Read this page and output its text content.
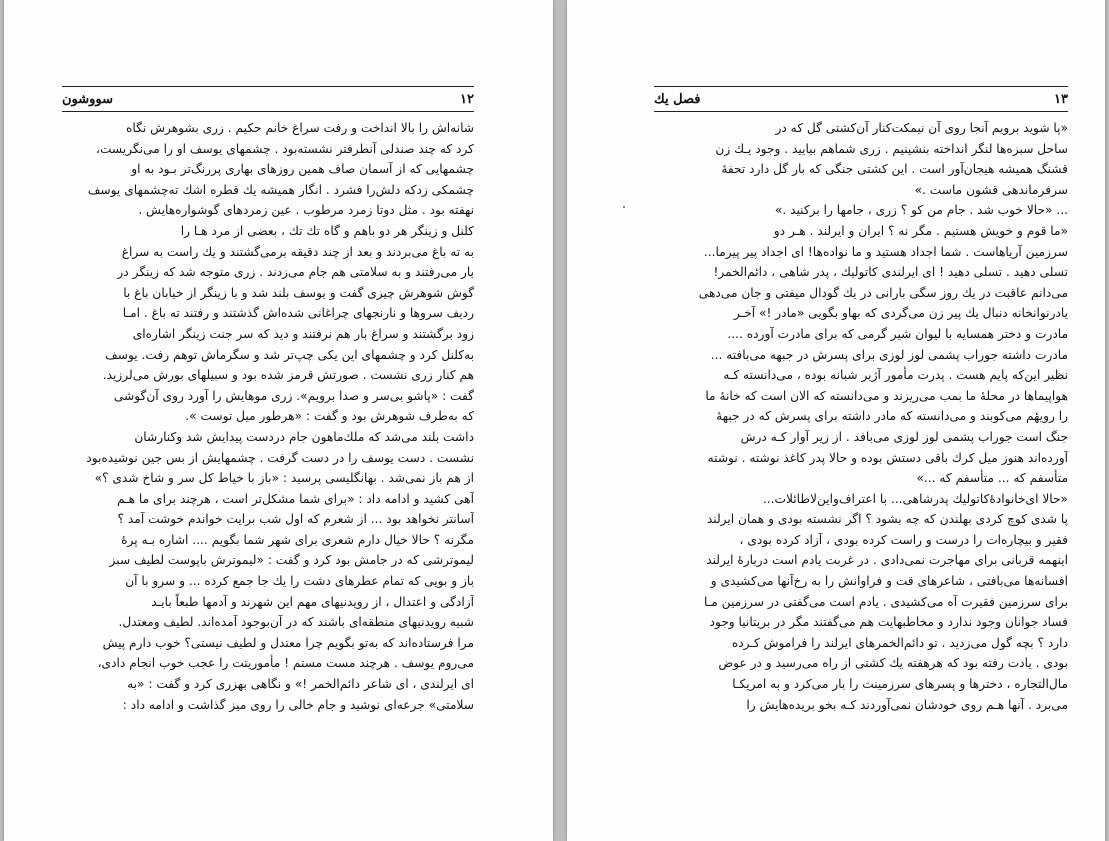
سووشون	۱۲
شانه‌اش را بالا انداخت و رفت سراغ خانم حکیم . زری بشوهرش نگاه
کرد که چند صندلی آنطرفتر نشسته‌بود . چشمهای یوسف او را می‌نگریست،
چشمهایی که از آسمان صاف همین روزهای بهاری پررنگ‌تر بـود به او
چشمکی زدکه دلش‌را فشرد . انگار همیشه یك قطره اشك ته‌چشمهای یوسف
نهفته بود . مثل دوتا زمرد مرطوب . عین زمردهای گوشواره‌هایش .
کلنل و زینگر هر دو باهم و گاه تك تك ، بعضی از مرد هـا را
به ته باغ می‌بردند و بعد از چند دقیقه برمی‌گشتند و یك راست به سراغ
بار می‌رفتند و به سلامتی هم جام می‌زدند . زری متوجه شد که زینگر در
گوش شوهرش چیزی گفت و یوسف بلند شد و با زینگر از خیابان باغ با
ردیف سروها و نارنجهای چراغانی شده‌اش گذشتند و رفتند ته باغ . امـا
زود برگشتند و سراغ بار هم نرفتند و دید که سر جنت زینگر اشاره‌ای
به‌کلنل کرد و چشمهای این یکی چپ‌تر شد و سگرماش توهم رفت. یوسف
هم کنار زری نشست . صورتش قرمز شده بود و سبیلهای بورش می‌لرزید.
گفت : «پاشو بی‌سر و صدا برویم». زری موهایش را آورد روی آن‌گوشی
که به‌طرف شوهرش بود و گفت : «هرطور میل توست ».
داشت بلند می‌شد که ملك‌ماهون جام دردست پیدایش شد وکنارشان
نشست . دست یوسف را در دست گرفت . چشمهایش از بس جین نوشیده‌بود
از هم باز نمی‌شد . بهانگلیسی پرسید : «باز با خیاط کل سر و شاخ شدی ؟»
آهی کشید و ادامه داد : «برای شما مشکل‌تر است ، هرچند برای ما هـم
آسانتر نخواهد بود ... از شعرم که اول شب برایت خواندم خوشت آمد ؟
مگرنه ؟ حالا خیال دارم شعری برای شهر شما بگویم .... اشاره بـه پرهٔ
لیموترشی که در جامش بود کرد و گفت : «لیموترش باپوست لطیف سبز
باز و بویی که تمام عطرهای دشت را یك جا جمع کرده ... و سرو با آن
آزادگی و اعتدال ، از رویدنیهای مهم این شهرند و آدمها طبعاً بایـد
شبیه رویدنیهای منطقه‌ای باشند که در آن‌بوجود آمده‌اند. لطیف ومعتدل.
مرا فرستاده‌اند که به‌تو بگویم چرا معتدل و لطیف نیستی؟ خوب دارم پیش
می‌روم یوسف . هرچند مست مستم ! مأموریتت را عجب خوب انجام دادی،
ای ایرلندی ، ای شاعر دائم‌الخمر !» و نگاهی بهزری کرد و گفت : «به
سلامتی» جرعه‌ای نوشید و جام خالی را روی میز گذاشت و ادامه داد :
فصل يك	۱۳
«پا شوید برویم آنجا روی آن نیمکت‌کنار آن‌کشتی گل که در
ساحل سبزه‌ها لنگر انداخته بنشینیم . زری شماهم بیایید . وجود یـك زن
قشنگ همیشه هیجان‌آور است . این کشتی جنگی که بار گل دارد تحفهٔ
سرفرماندهی قشون ماست .»
... «حالا خوب شد . جام من کو ؟ زری ، جامها را برکنید .»
«ما قوم و خویش هستیم . مگر نه ؟ ایران و ایرلند . هـر دو
سرزمین آریاهاست . شما اجداد هستید و ما نواده‌ها! ای اجداد پیر پیرما...
تسلی دهید . تسلی دهید ! ای ایرلندی کاتولیك ، پدر شاهی ، دائم‌الخمر!
می‌دانم عاقبت در یك روز سگی بارانی در یك گودال میفتی و جان می‌دهی
یادرنوانخانه دنبال یك پیر زن می‌گردی که بهاو بگویی «مادر !» آخـر
مادرت و دختر همسایه با لیوان شیر گرمی که برای مادرت آورده ....
مادرت داشته جوراب پشمی لوز لوزی برای پسرش در جبهه می‌بافته ...
نظیر این‌که پایم هست . پدرت مأمور آژیر شبانه بوده ، می‌دانسته کـه
هواپیماها در محلهٔ ما بمب می‌ریزند و می‌دانسته که الان است که خانهٔ ما
را رویهٔم می‌کوبند و می‌دانسته که مادر داشته برای پسرش که در جبههٔ
جنگ است جوراب پشمی لوز لوزی می‌بافد . از زیر آوار کـه درش
آورده‌اند هنوز میل کرك باقی دستش بوده و حالا پدر کاغذ نوشته . نوشته
متأسفم که ... متأسفم که ...»
«حالا ای‌خانوادهٔ‌کاتولیك پدرشاهی... با اعتراف‌واین‌لاطائلات...
پا شدی کوچ کردی بهلندن که چه بشود ؟ اگر نشسته بودی و همان ایرلند
فقیر و بیچاره‌ات را درست و راست کرده بودی ، آزاد کرده بودی ،
اینهمه قربانی برای مهاجرت نمی‌دادی . در غربت یادم است دربارهٔ ایرلند
افسانه‌ها می‌بافتی ، شاعرهای قت و فراوانش را به رخ‌آنها می‌کشیدی و
برای سرزمین فقیرت آه می‌کشیدی . یادم است می‌گفتی در سرزمین مـا
فساد جوانان وجود ندارد و مخاطبهایت هم می‌گفتند مگر در بریتانیا وجود
دارد ؟ بچه گول می‌زدید . تو دائم‌الخمرهای ایرلند را فراموش کـرده
بودی . یادت رفته بود که هرهفته یك کشتی از راه می‌رسید و در عوض
مال‌التجاره ، دخترها و پسرهای سرزمینت را بار می‌کرد و به امریکـا
می‌برد . آنها هـم روی خودشان نمی‌آوردند کـه بخو بریده‌هایش را
